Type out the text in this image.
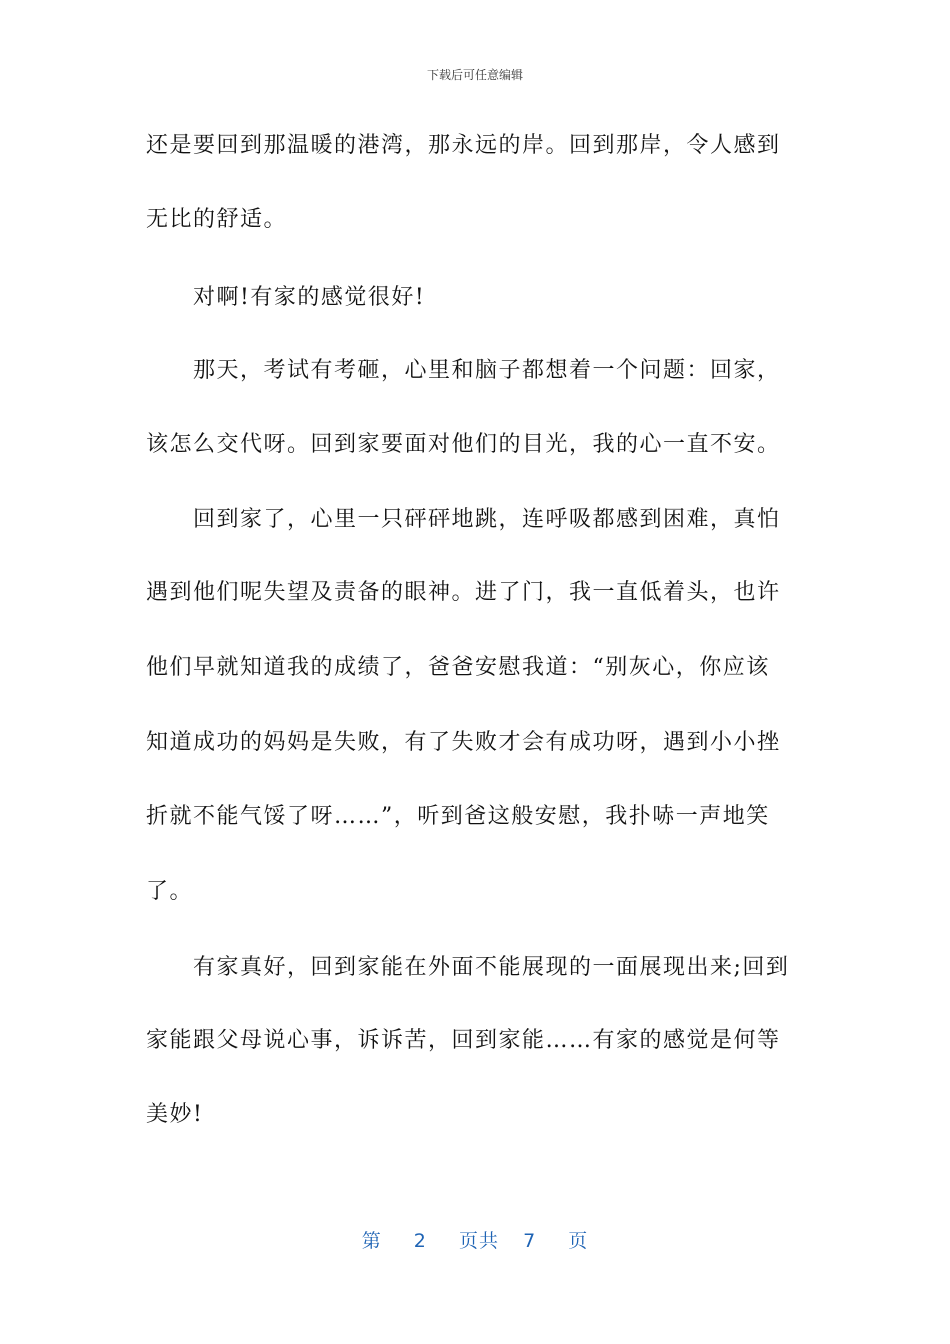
下载后可任意编辑
还是要回到那温暖的港湾，那永远的岸。回到那岸，令人感到
无比的舒适。
对啊!有家的感觉很好!
那天，考试有考砸，心里和脑子都想着一个问题：回家，
该怎么交代呀。回到家要面对他们的目光，我的心一直不安。
回到家了，心里一只砰砰地跳，连呼吸都感到困难，真怕
遇到他们呢失望及责备的眼神。进了门，我一直低着头，也许
他们早就知道我的成绩了，爸爸安慰我道：“别灰心，你应该
知道成功的妈妈是失败，有了失败才会有成功呀，遇到小小挫
折就不能气馁了呀……”，听到爸这般安慰，我扑哧一声地笑
了。
有家真好，回到家能在外面不能展现的一面展现出来;回到
家能跟父母说心事，诉诉苦，回到家能……有家的感觉是何等
美妙!
第 2 页共 7 页
